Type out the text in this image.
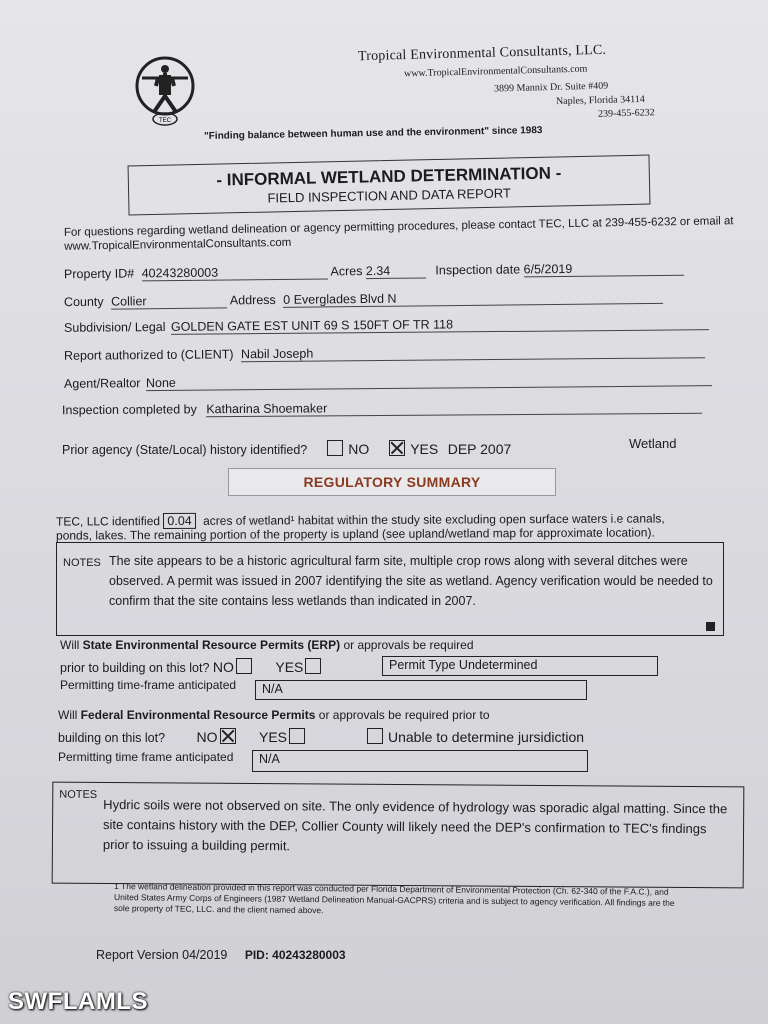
TEC
Tropical Environmental Consultants, LLC.
www.TropicalEnvironmentalConsultants.com
3899 Mannix Dr. Suite #409
Naples, Florida 34114
239-455-6232
"Finding balance between human use and the environment" since 1983
- INFORMAL WETLAND DETERMINATION -
FIELD INSPECTION AND DATA REPORT
For questions regarding wetland delineation or agency permitting procedures, please contact TEC, LLC at 239-455-6232 or email at www.TropicalEnvironmentalConsultants.com
Property ID# 40243280003	Acres 2.34	Inspection date 6/5/2019
County Collier	Address 0 Everglades Blvd N
Subdivision/ Legal GOLDEN GATE EST UNIT 69 S 150FT OF TR 118
Report authorized to (CLIENT) Nabil Joseph
Agent/Realtor None
Inspection completed by Katharina Shoemaker
Prior agency (State/Local) history identified?	NO	YES DEP 2007	Wetland
REGULATORY SUMMARY
TEC, LLC identified 0.04 acres of wetland¹ habitat within the study site excluding open surface waters i.e canals,
ponds, lakes. The remaining portion of the property is upland (see upland/wetland map for approximate location).
NOTES The site appears to be a historic agricultural farm site, multiple crop rows along with several ditches were observed. A permit was issued in 2007 identifying the site as wetland. Agency verification would be needed to confirm that the site contains less wetlands than indicated in 2007.
Will State Environmental Resource Permits (ERP) or approvals be required
prior to building on this lot? NO	YES	Permit Type Undetermined
Permitting time-frame anticipated	N/A
Will Federal Environmental Resource Permits or approvals be required prior to
building on this lot? NO	YES	Unable to determine jursidiction
Permitting time frame anticipated	N/A
NOTES
Hydric soils were not observed on site. The only evidence of hydrology was sporadic algal matting. Since the site contains history with the DEP, Collier County will likely need the DEP's confirmation to TEC's findings prior to issuing a building permit.
1 The wetland delineation provided in this report was conducted per Florida Department of Environmental Protection (Ch. 62-340 of the F.A.C.), and United States Army Corps of Engineers (1987 Wetland Delineation Manual-GACPRS) criteria and is subject to agency verification. All findings are the sole property of TEC, LLC. and the client named above.
Report Version 04/2019 PID: 40243280003
SWFLAMLS
